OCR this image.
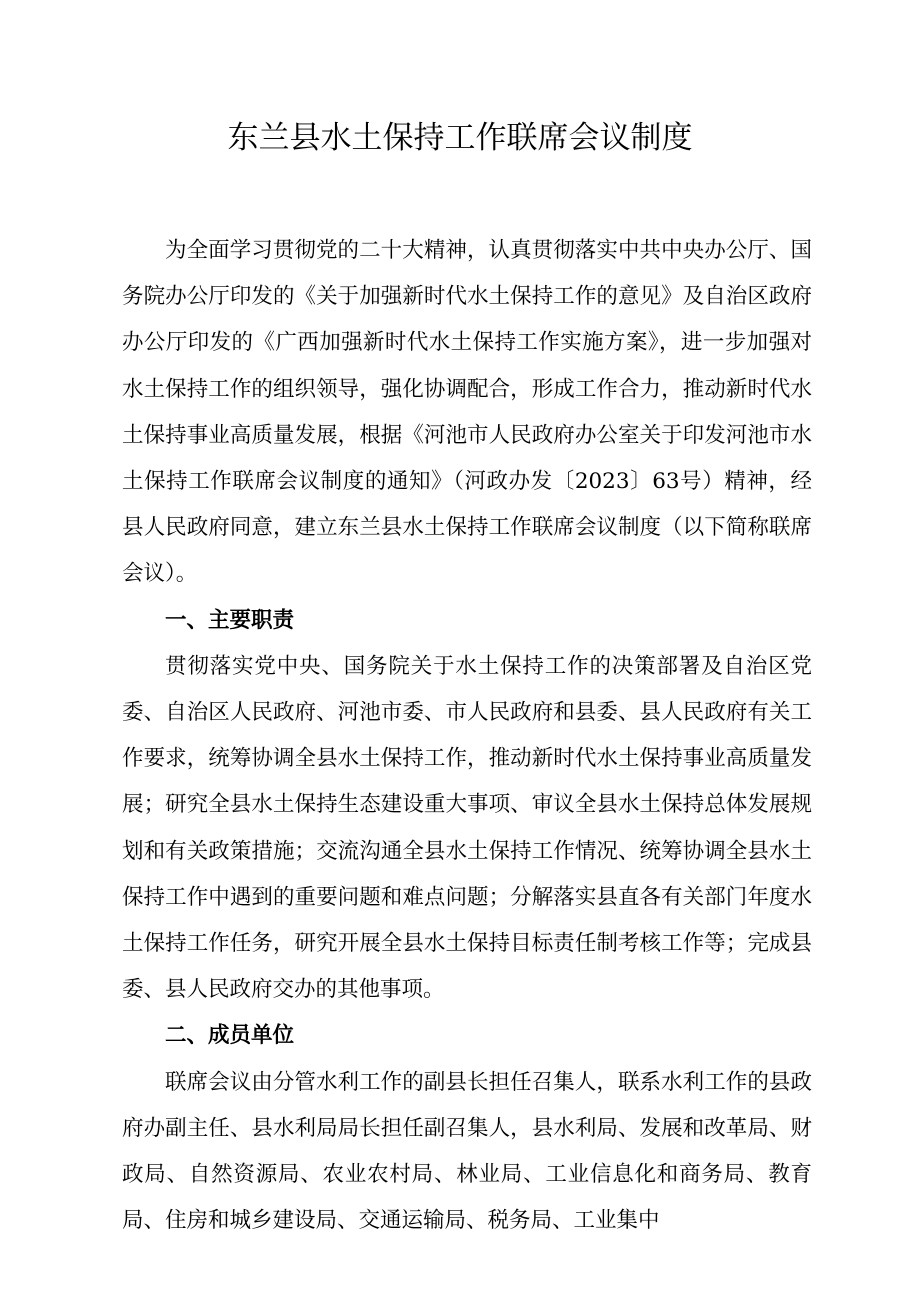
东兰县水土保持工作联席会议制度

为全面学习贯彻党的二十大精神，认真贯彻落实中共中央办公厅、国务院办公厅印发的《关于加强新时代水土保持工作的意见》及自治区政府办公厅印发的《广西加强新时代水土保持工作实施方案》，进一步加强对水土保持工作的组织领导，强化协调配合，形成工作合力，推动新时代水土保持事业高质量发展，根据《河池市人民政府办公室关于印发河池市水土保持工作联席会议制度的通知》（河政办发〔2023〕63号）精神，经县人民政府同意，建立东兰县水土保持工作联席会议制度（以下简称联席会议）。

一、主要职责

贯彻落实党中央、国务院关于水土保持工作的决策部署及自治区党委、自治区人民政府、河池市委、市人民政府和县委、县人民政府有关工作要求，统筹协调全县水土保持工作，推动新时代水土保持事业高质量发展；研究全县水土保持生态建设重大事项、审议全县水土保持总体发展规划和有关政策措施；交流沟通全县水土保持工作情况、统筹协调全县水土保持工作中遇到的重要问题和难点问题；分解落实县直各有关部门年度水土保持工作任务，研究开展全县水土保持目标责任制考核工作等；完成县委、县人民政府交办的其他事项。

二、成员单位

联席会议由分管水利工作的副县长担任召集人，联系水利工作的县政府办副主任、县水利局局长担任副召集人，县水利局、发展和改革局、财政局、自然资源局、农业农村局、林业局、工业信息化和商务局、教育局、住房和城乡建设局、交通运输局、税务局、工业集中
